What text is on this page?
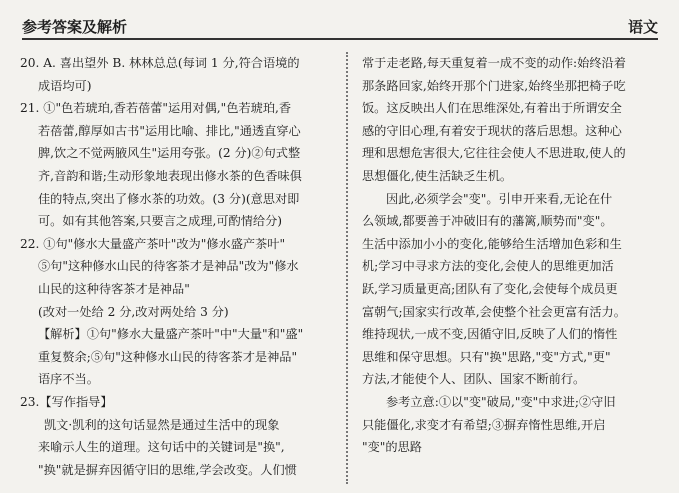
参考答案及解析	语文
20. A. 喜出望外 B. 林林总总(每词 1 分,符合语境的
成语均可)
21. ①"色若琥珀,香若蓓蕾"运用对偶,"色若琥珀,香
若蓓蕾,醇厚如古书"运用比喻、排比,"通透直穿心
脾,饮之不觉两腋风生"运用夸张。(2 分)②句式整
齐,音韵和谐;生动形象地表现出修水茶的色香味俱
佳的特点,突出了修水茶的功效。(3 分)(意思对即
可。如有其他答案,只要言之成理,可酌情给分)
22. ①句"修水大量盛产茶叶"改为"修水盛产茶叶"
⑤句"这种修水山民的待客茶才是神品"改为"修水
山民的这种待客茶才是神品"
(改对一处给 2 分,改对两处给 3 分)
【解析】①句"修水大量盛产茶叶"中"大量"和"盛"
重复赘余;⑤句"这种修水山民的待客茶才是神品"
语序不当。
23.【写作指导】
凯文·凯利的这句话显然是通过生活中的现象
来喻示人生的道理。这句话中的关键词是"换",
"换"就是摒弃因循守旧的思维,学会改变。人们惯
常于走老路,每天重复着一成不变的动作:始终沿着
那条路回家,始终开那个门进家,始终坐那把椅子吃
饭。这反映出人们在思维深处,有着出于所谓安全
感的守旧心理,有着安于现状的落后思想。这种心
理和思想危害很大,它往往会使人不思进取,使人的
思想僵化,使生活缺乏生机。
因此,必须学会"变"。引申开来看,无论在什
么领域,都要善于冲破旧有的藩篱,顺势而"变"。
生活中添加小小的变化,能够给生活增加色彩和生
机;学习中寻求方法的变化,会使人的思维更加活
跃,学习质量更高;团队有了变化,会使每个成员更
富朝气;国家实行改革,会使整个社会更富有活力。
维持现状,一成不变,因循守旧,反映了人们的惰性
思维和保守思想。只有"换"思路,"变"方式,"更"
方法,才能使个人、团队、国家不断前行。
参考立意:①以"变"破局,"变"中求进;②守旧
只能僵化,求变才有希望;③摒弃惰性思维,开启
"变"的思路
